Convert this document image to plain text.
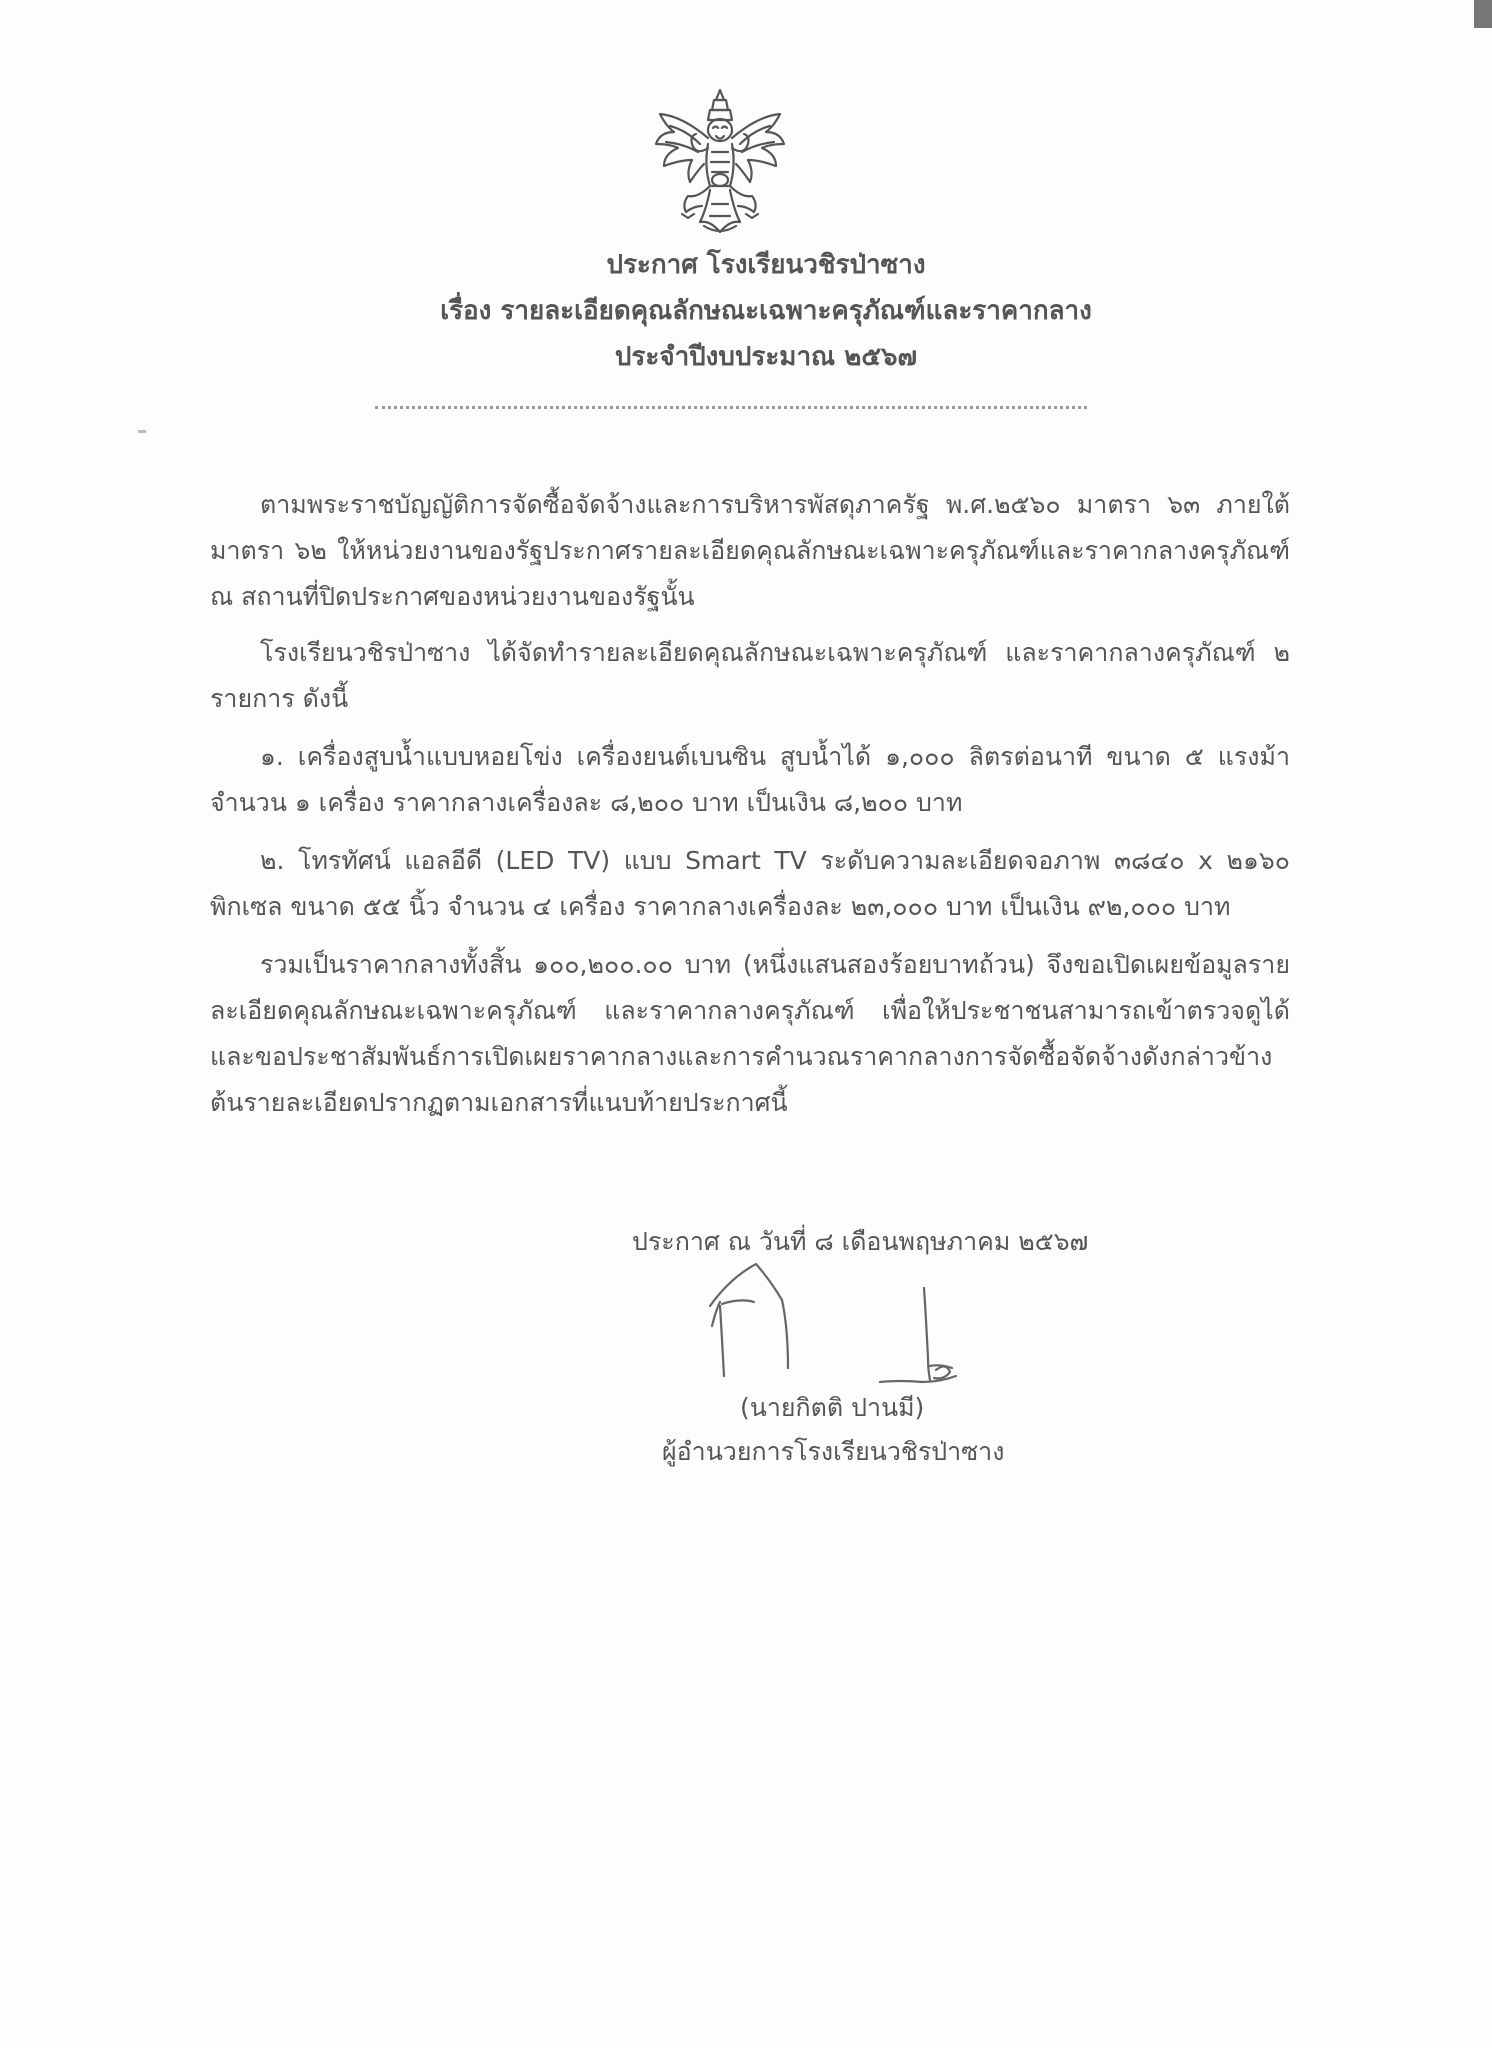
ประกาศ โรงเรียนวชิรป่าซาง
เรื่อง รายละเอียดคุณลักษณะเฉพาะครุภัณฑ์และราคากลาง
ประจำปีงบประมาณ ๒๕๖๗
ตามพระราชบัญญัติการจัดซื้อจัดจ้างและการบริหารพัสดุภาครัฐ พ.ศ.๒๕๖๐ มาตรา ๖๓ ภายใต้มาตรา ๖๒ ให้หน่วยงานของรัฐประกาศรายละเอียดคุณลักษณะเฉพาะครุภัณฑ์และราคากลางครุภัณฑ์ ณ สถานที่ปิดประกาศของหน่วยงานของรัฐนั้น
โรงเรียนวชิรป่าซาง ได้จัดทำรายละเอียดคุณลักษณะเฉพาะครุภัณฑ์ และราคากลางครุภัณฑ์ ๒ รายการ ดังนี้
๑. เครื่องสูบน้ำแบบหอยโข่ง เครื่องยนต์เบนซิน สูบน้ำได้ ๑,๐๐๐ ลิตรต่อนาที ขนาด ๕ แรงม้า จำนวน ๑ เครื่อง ราคากลางเครื่องละ ๘,๒๐๐ บาท เป็นเงิน ๘,๒๐๐ บาท
๒. โทรทัศน์ แอลอีดี (LED TV) แบบ Smart TV ระดับความละเอียดจอภาพ ๓๘๔๐ x ๒๑๖๐ พิกเซล ขนาด ๕๕ นิ้ว จำนวน ๔ เครื่อง ราคากลางเครื่องละ ๒๓,๐๐๐ บาท เป็นเงิน ๙๒,๐๐๐ บาท
รวมเป็นราคากลางทั้งสิ้น ๑๐๐,๒๐๐.๐๐ บาท (หนึ่งแสนสองร้อยบาทถ้วน) จึงขอเปิดเผยข้อมูลรายละเอียดคุณลักษณะเฉพาะครุภัณฑ์ และราคากลางครุภัณฑ์ เพื่อให้ประชาชนสามารถเข้าตรวจดูได้ และขอประชาสัมพันธ์การเปิดเผยราคากลางและการคำนวณราคากลางการจัดซื้อจัดจ้างดังกล่าวข้างต้นรายละเอียดปรากฏตามเอกสารที่แนบท้ายประกาศนี้
ประกาศ ณ วันที่ ๘ เดือนพฤษภาคม ๒๕๖๗
(นายกิตติ ปานมี)
ผู้อำนวยการโรงเรียนวชิรป่าซาง
